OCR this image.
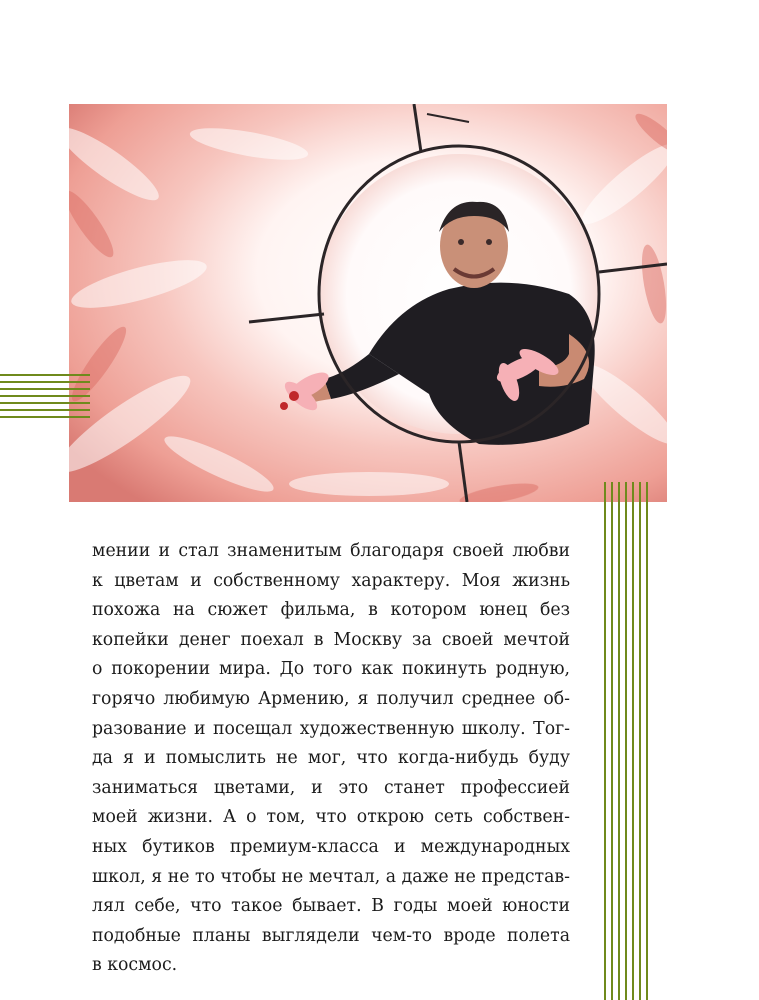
мении и стал знаменитым благодаря своей любви
к цветам и собственному характеру. Моя жизнь
похожа на сюжет фильма, в котором юнец без
копейки денег поехал в Москву за своей мечтой
о покорении мира. До того как покинуть родную,
горячо любимую Армению, я получил среднее об-
разование и посещал художественную школу. Тог-
да я и помыслить не мог, что когда-нибудь буду
заниматься цветами, и это станет профессией
моей жизни. А о том, что открою сеть собствен-
ных бутиков премиум-класса и международных
школ, я не то чтобы не мечтал, а даже не представ-
лял себе, что такое бывает. В годы моей юности
подобные планы выглядели чем-то вроде полета
в космос.
